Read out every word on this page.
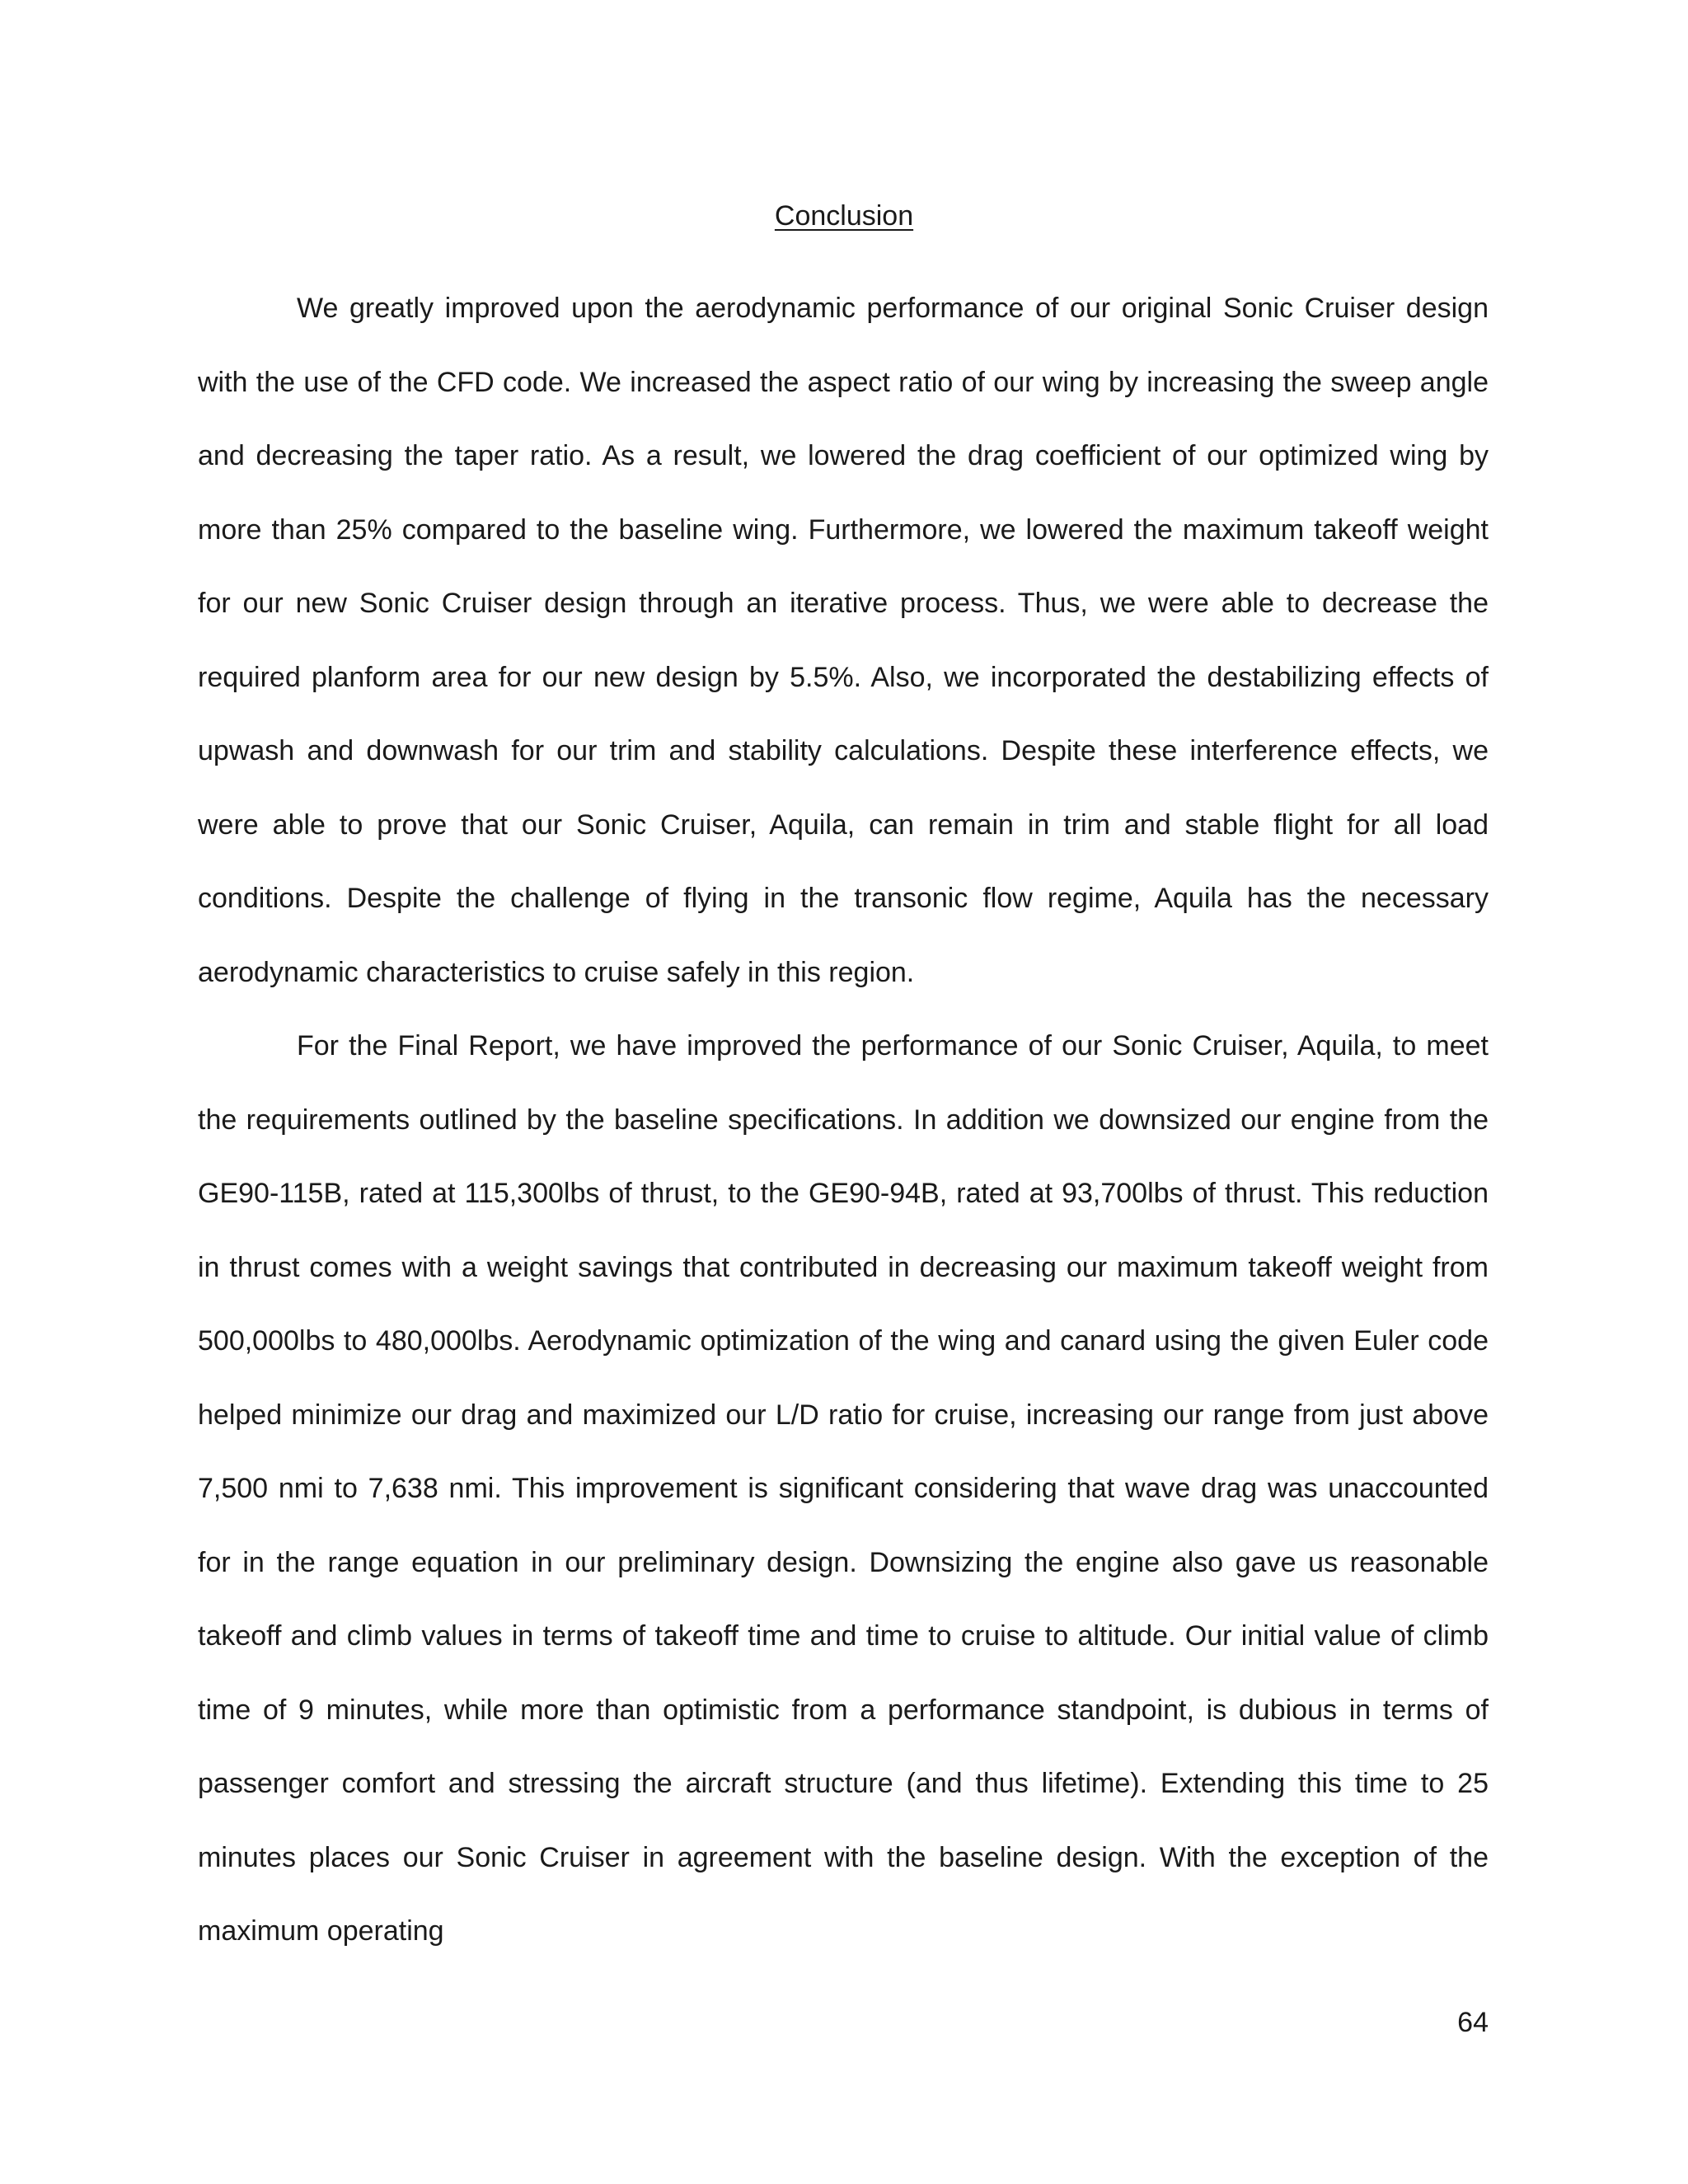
Conclusion

We greatly improved upon the aerodynamic performance of our original Sonic Cruiser design with the use of the CFD code. We increased the aspect ratio of our wing by increasing the sweep angle and decreasing the taper ratio. As a result, we lowered the drag coefficient of our optimized wing by more than 25% compared to the baseline wing. Furthermore, we lowered the maximum takeoff weight for our new Sonic Cruiser design through an iterative process. Thus, we were able to decrease the required planform area for our new design by 5.5%. Also, we incorporated the destabilizing effects of upwash and downwash for our trim and stability calculations. Despite these interference effects, we were able to prove that our Sonic Cruiser, Aquila, can remain in trim and stable flight for all load conditions. Despite the challenge of flying in the transonic flow regime, Aquila has the necessary aerodynamic characteristics to cruise safely in this region.

For the Final Report, we have improved the performance of our Sonic Cruiser, Aquila, to meet the requirements outlined by the baseline specifications. In addition we downsized our engine from the GE90-115B, rated at 115,300lbs of thrust, to the GE90-94B, rated at 93,700lbs of thrust. This reduction in thrust comes with a weight savings that contributed in decreasing our maximum takeoff weight from 500,000lbs to 480,000lbs. Aerodynamic optimization of the wing and canard using the given Euler code helped minimize our drag and maximized our L/D ratio for cruise, increasing our range from just above 7,500 nmi to 7,638 nmi. This improvement is significant considering that wave drag was unaccounted for in the range equation in our preliminary design. Downsizing the engine also gave us reasonable takeoff and climb values in terms of takeoff time and time to cruise to altitude. Our initial value of climb time of 9 minutes, while more than optimistic from a performance standpoint, is dubious in terms of passenger comfort and stressing the aircraft structure (and thus lifetime). Extending this time to 25 minutes places our Sonic Cruiser in agreement with the baseline design. With the exception of the maximum operating

64
